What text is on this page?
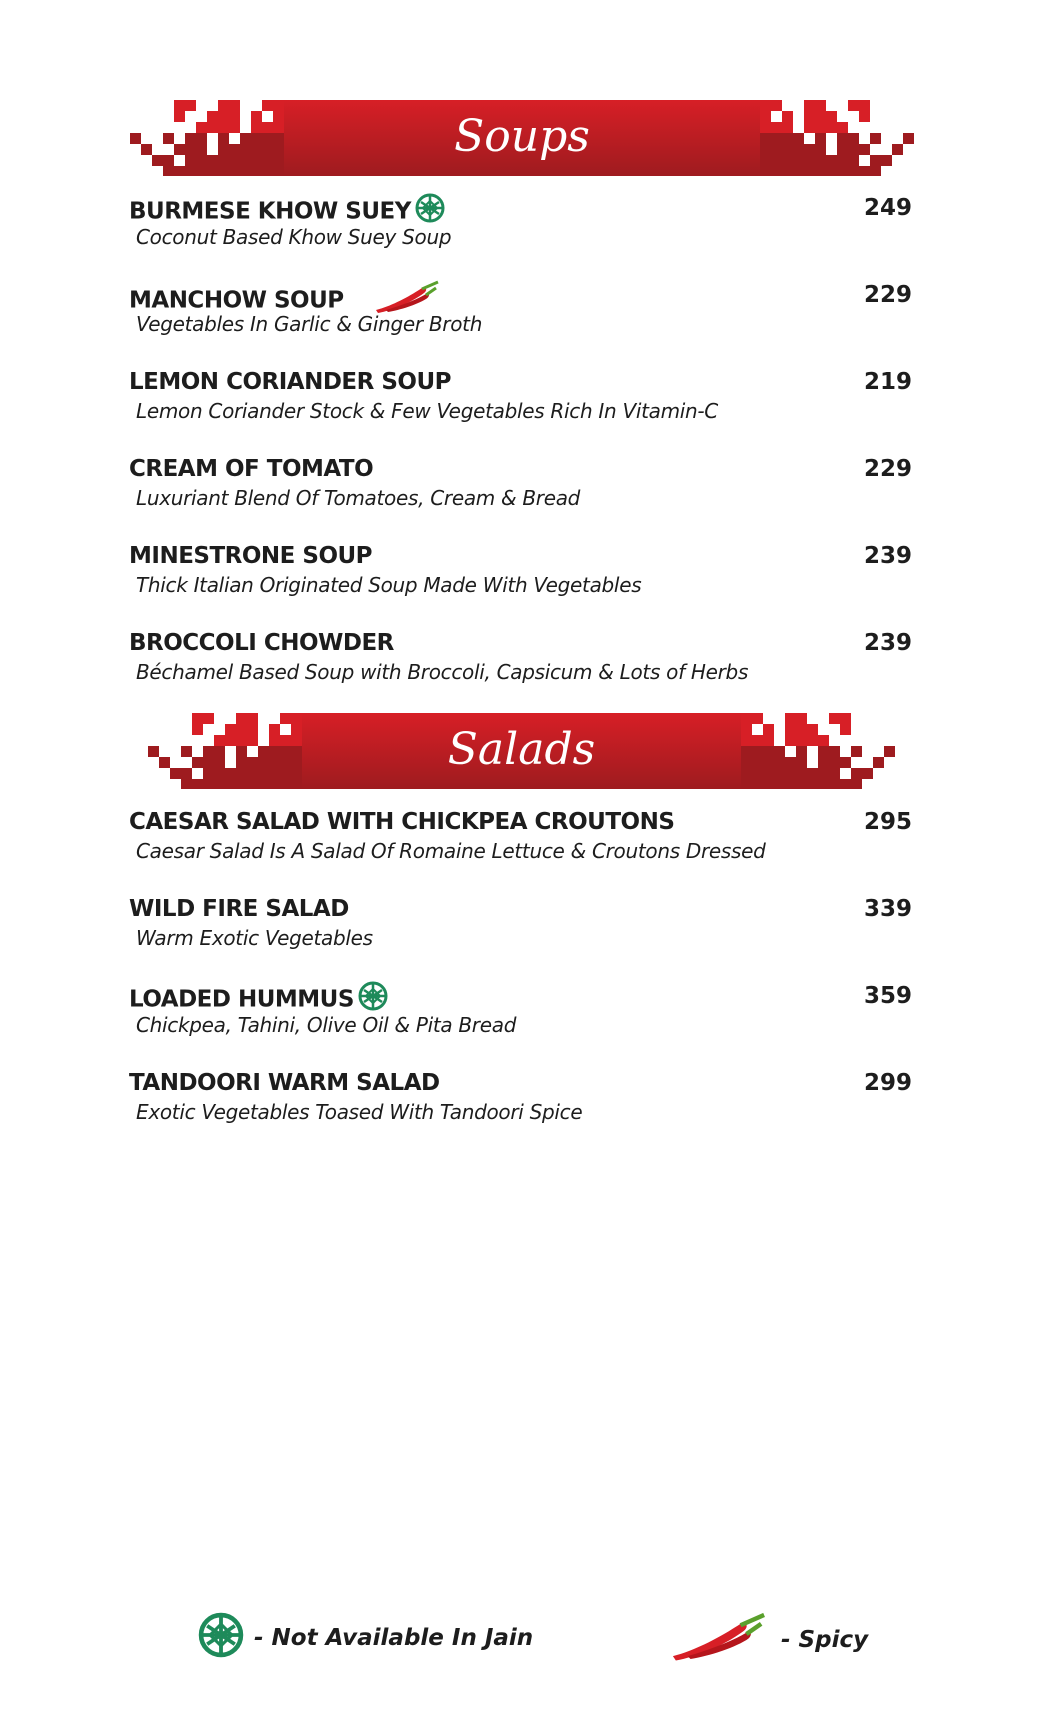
Soups
BURMESE KHOW SUEY	249
Coconut Based Khow Suey Soup
MANCHOW SOUP	229
Vegetables In Garlic & Ginger Broth
LEMON CORIANDER SOUP	219
Lemon Coriander Stock & Few Vegetables Rich In Vitamin-C
CREAM OF TOMATO	229
Luxuriant Blend Of Tomatoes, Cream & Bread
MINESTRONE SOUP	239
Thick Italian Originated Soup Made With Vegetables
BROCCOLI CHOWDER	239
Béchamel Based Soup with Broccoli, Capsicum & Lots of Herbs
Salads
CAESAR SALAD WITH CHICKPEA CROUTONS	295
Caesar Salad Is A Salad Of Romaine Lettuce & Croutons Dressed
WILD FIRE SALAD	339
Warm Exotic Vegetables
LOADED HUMMUS	359
Chickpea, Tahini, Olive Oil & Pita Bread
TANDOORI WARM SALAD	299
Exotic Vegetables Toased With Tandoori Spice
- Not Available In Jain	- Spicy
